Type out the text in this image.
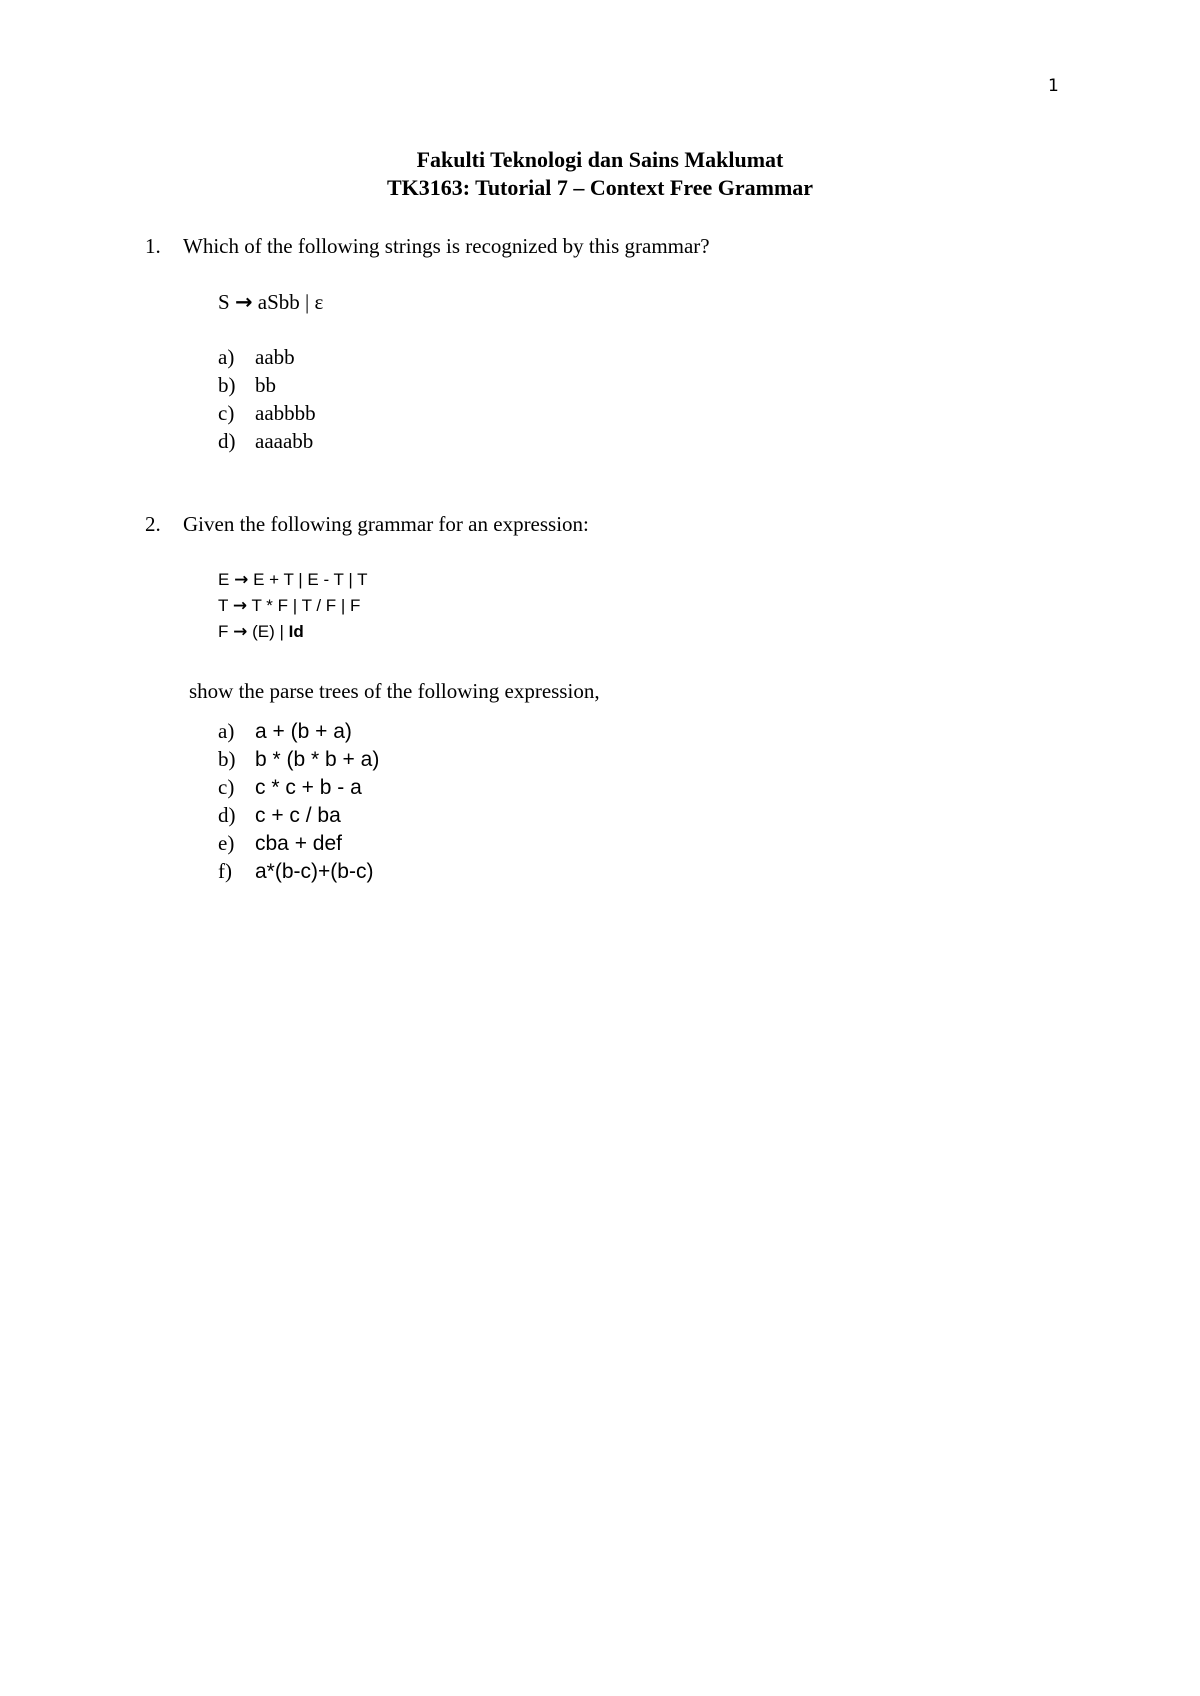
1
Fakulti Teknologi dan Sains Maklumat
TK3163: Tutorial 7 – Context Free Grammar
1. Which of the following strings is recognized by this grammar?
S → aSbb | ε
a) aabb
b) bb
c) aabbbb
d) aaaabb
2. Given the following grammar for an expression:
E → E + T | E - T | T
T → T * F | T / F | F
F → (E) | Id
show the parse trees of the following expression,
a) a + (b + a)
b) b * (b * b + a)
c) c * c + b - a
d) c + c / ba
e) cba + def
f) a*(b-c)+(b-c)
